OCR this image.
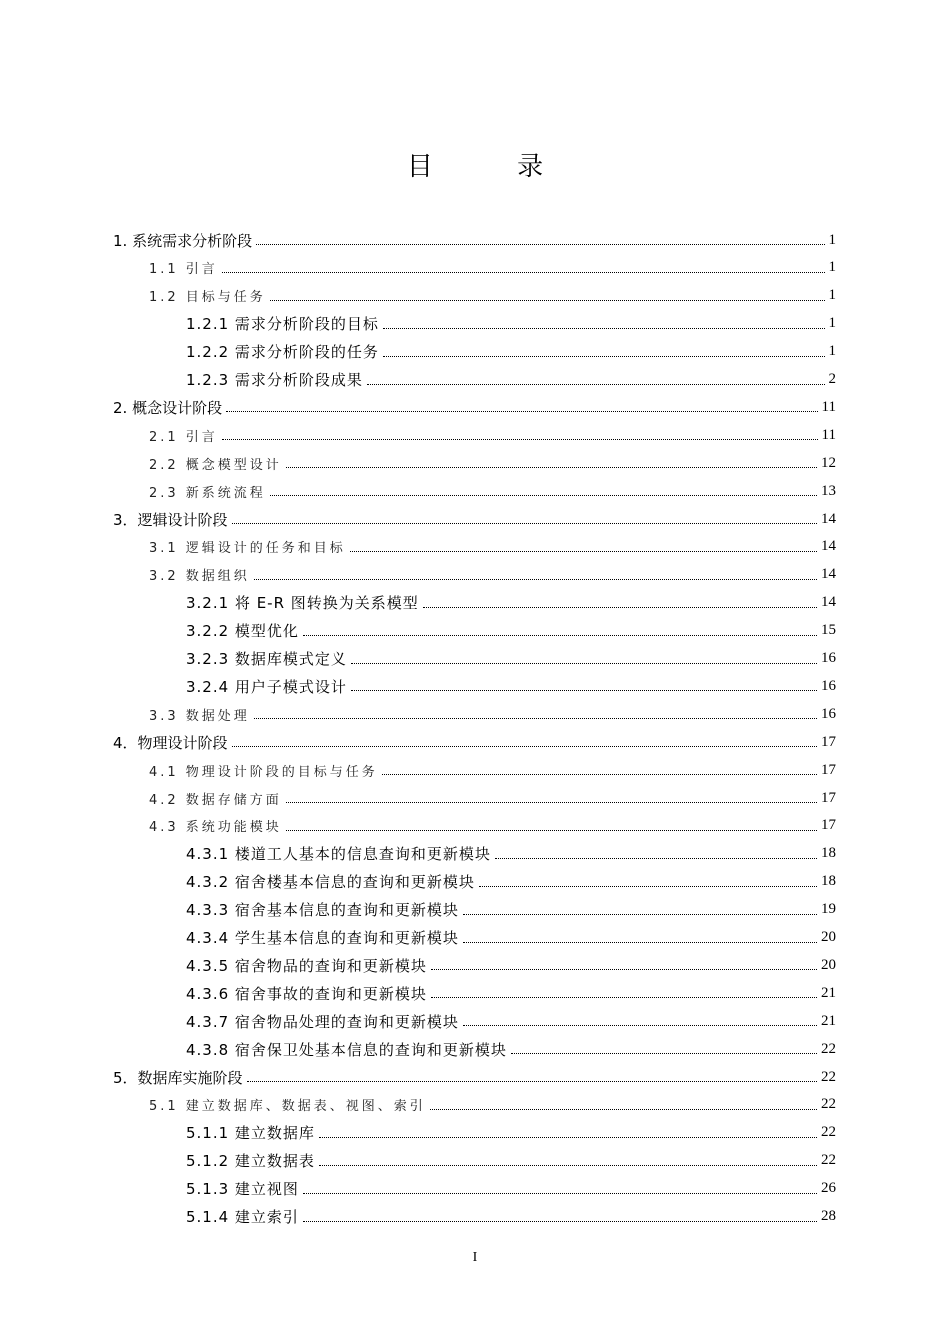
目 录
1. 系统需求分析阶段	1
1.1 引言	1
1.2 目标与任务	1
1.2.1 需求分析阶段的目标	1
1.2.2 需求分析阶段的任务	1
1.2.3 需求分析阶段成果	2
2. 概念设计阶段	11
2.1 引言	11
2.2 概念模型设计	12
2.3 新系统流程	13
3．逻辑设计阶段	14
3.1 逻辑设计的任务和目标	14
3.2 数据组织	14
3.2.1 将 E-R 图转换为关系模型	14
3.2.2 模型优化	15
3.2.3 数据库模式定义	16
3.2.4 用户子模式设计	16
3.3 数据处理	16
4．物理设计阶段	17
4.1 物理设计阶段的目标与任务	17
4.2 数据存储方面	17
4.3 系统功能模块	17
4.3.1 楼道工人基本的信息查询和更新模块	18
4.3.2 宿舍楼基本信息的查询和更新模块	18
4.3.3 宿舍基本信息的查询和更新模块	19
4.3.4 学生基本信息的查询和更新模块	20
4.3.5 宿舍物品的查询和更新模块	20
4.3.6 宿舍事故的查询和更新模块	21
4.3.7 宿舍物品处理的查询和更新模块	21
4.3.8 宿舍保卫处基本信息的查询和更新模块	22
5．数据库实施阶段	22
5.1 建立数据库、数据表、视图、索引	22
5.1.1 建立数据库	22
5.1.2 建立数据表	22
5.1.3 建立视图	26
5.1.4 建立索引	28
I
